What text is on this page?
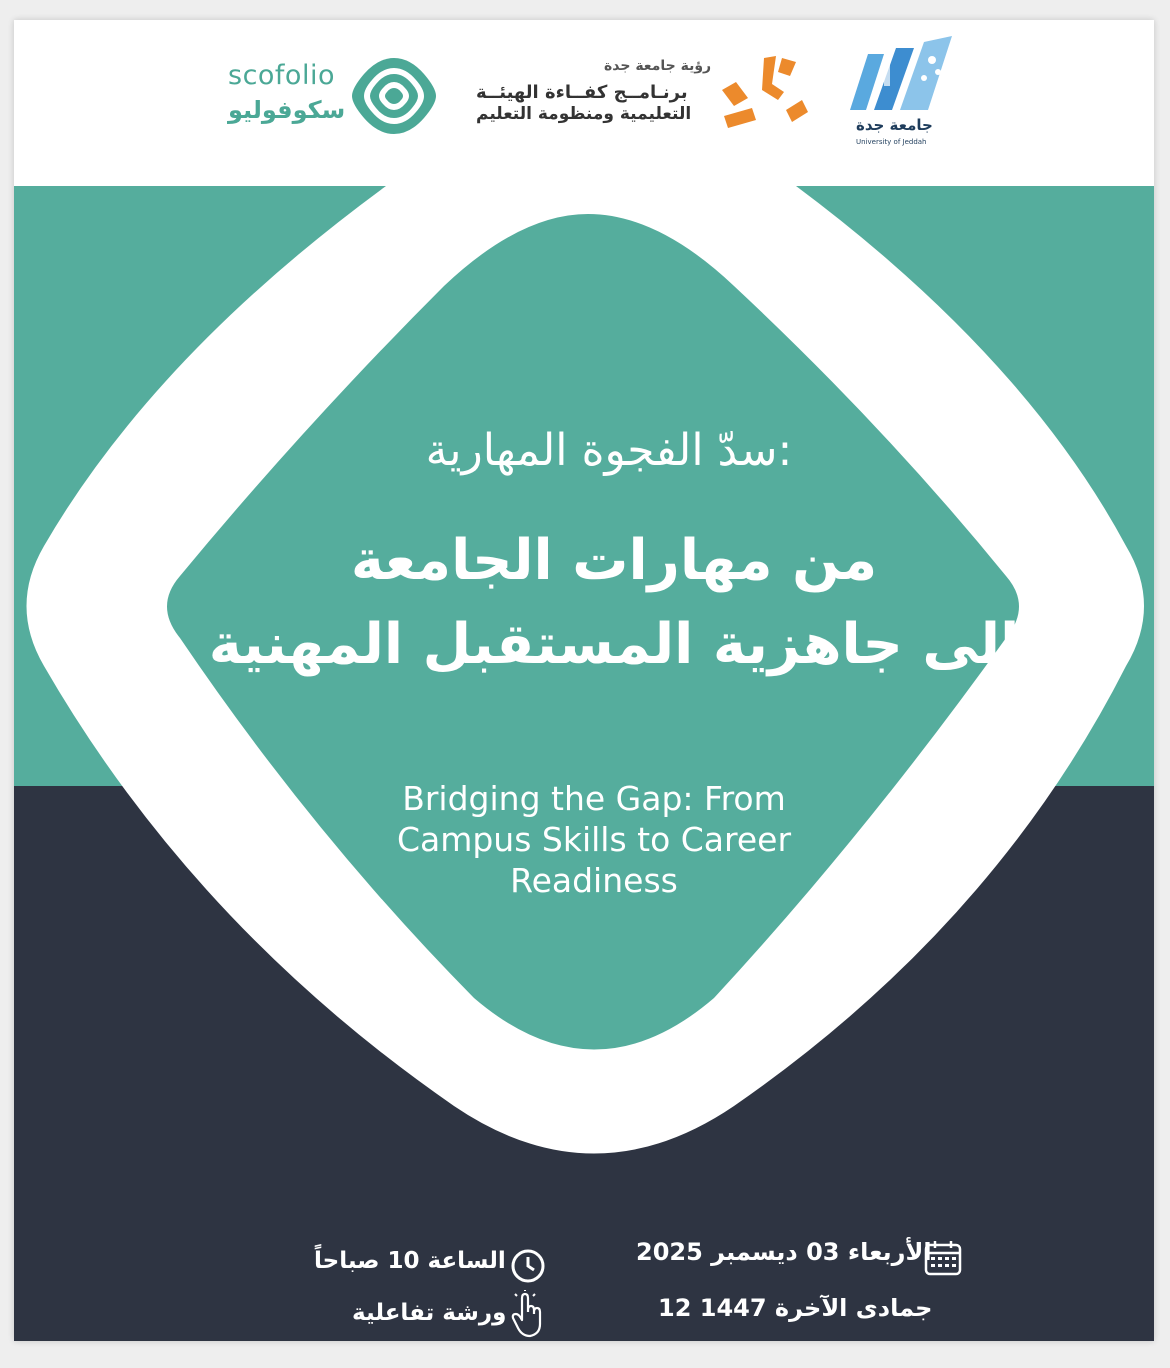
scofolio
سكوفوليو
رؤية جامعة جدة
برنـامــج كفــاءة الهيئــة
التعليمية ومنظومة التعليم
جامعة جدة
University of Jeddah
سدّ الفجوة المهارية:
من مهارات الجامعة
إلى جاهزية المستقبل المهنية
Bridging the Gap: From Campus Skills to Career Readiness
الأربعاء 03 ديسمبر 2025
12 جمادى الآخرة 1447
الساعة 10 صباحاً
ورشة تفاعلية
